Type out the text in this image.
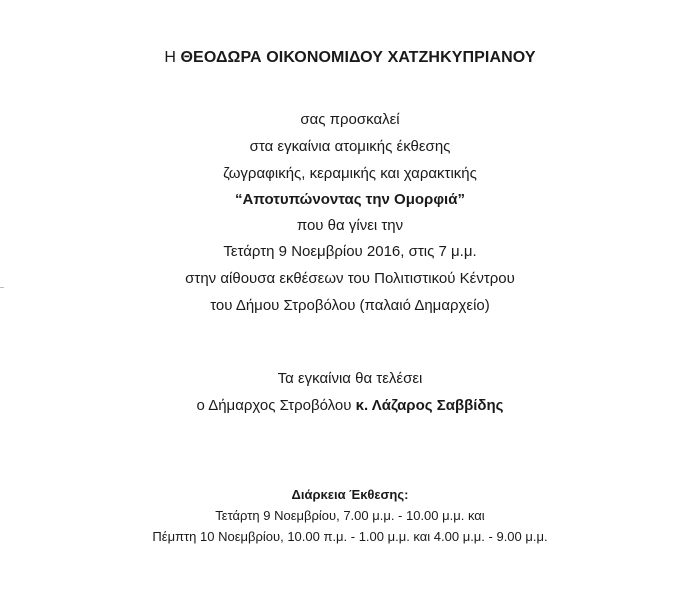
Η ΘΕΟΔΩΡΑ ΟΙΚΟΝΟΜΙΔΟΥ ΧΑΤΖΗΚΥΠΡΙΑΝΟΥ
σας προσκαλεί
στα εγκαίνια ατομικής έκθεσης
ζωγραφικής, κεραμικής και χαρακτικής
“Αποτυπώνοντας την Ομορφιά”
που θα γίνει την
Τετάρτη 9 Νοεμβρίου 2016, στις 7 μ.μ.
στην αίθουσα εκθέσεων του Πολιτιστικού Κέντρου
του Δήμου Στροβόλου (παλαιό Δημαρχείο)
Τα εγκαίνια θα τελέσει
ο Δήμαρχος Στροβόλου κ. Λάζαρος Σαββίδης
Διάρκεια Έκθεσης:
Τετάρτη 9 Νοεμβρίου, 7.00 μ.μ. - 10.00 μ.μ. και
Πέμπτη 10 Νοεμβρίου, 10.00 π.μ. - 1.00 μ.μ. και 4.00 μ.μ. - 9.00 μ.μ.
